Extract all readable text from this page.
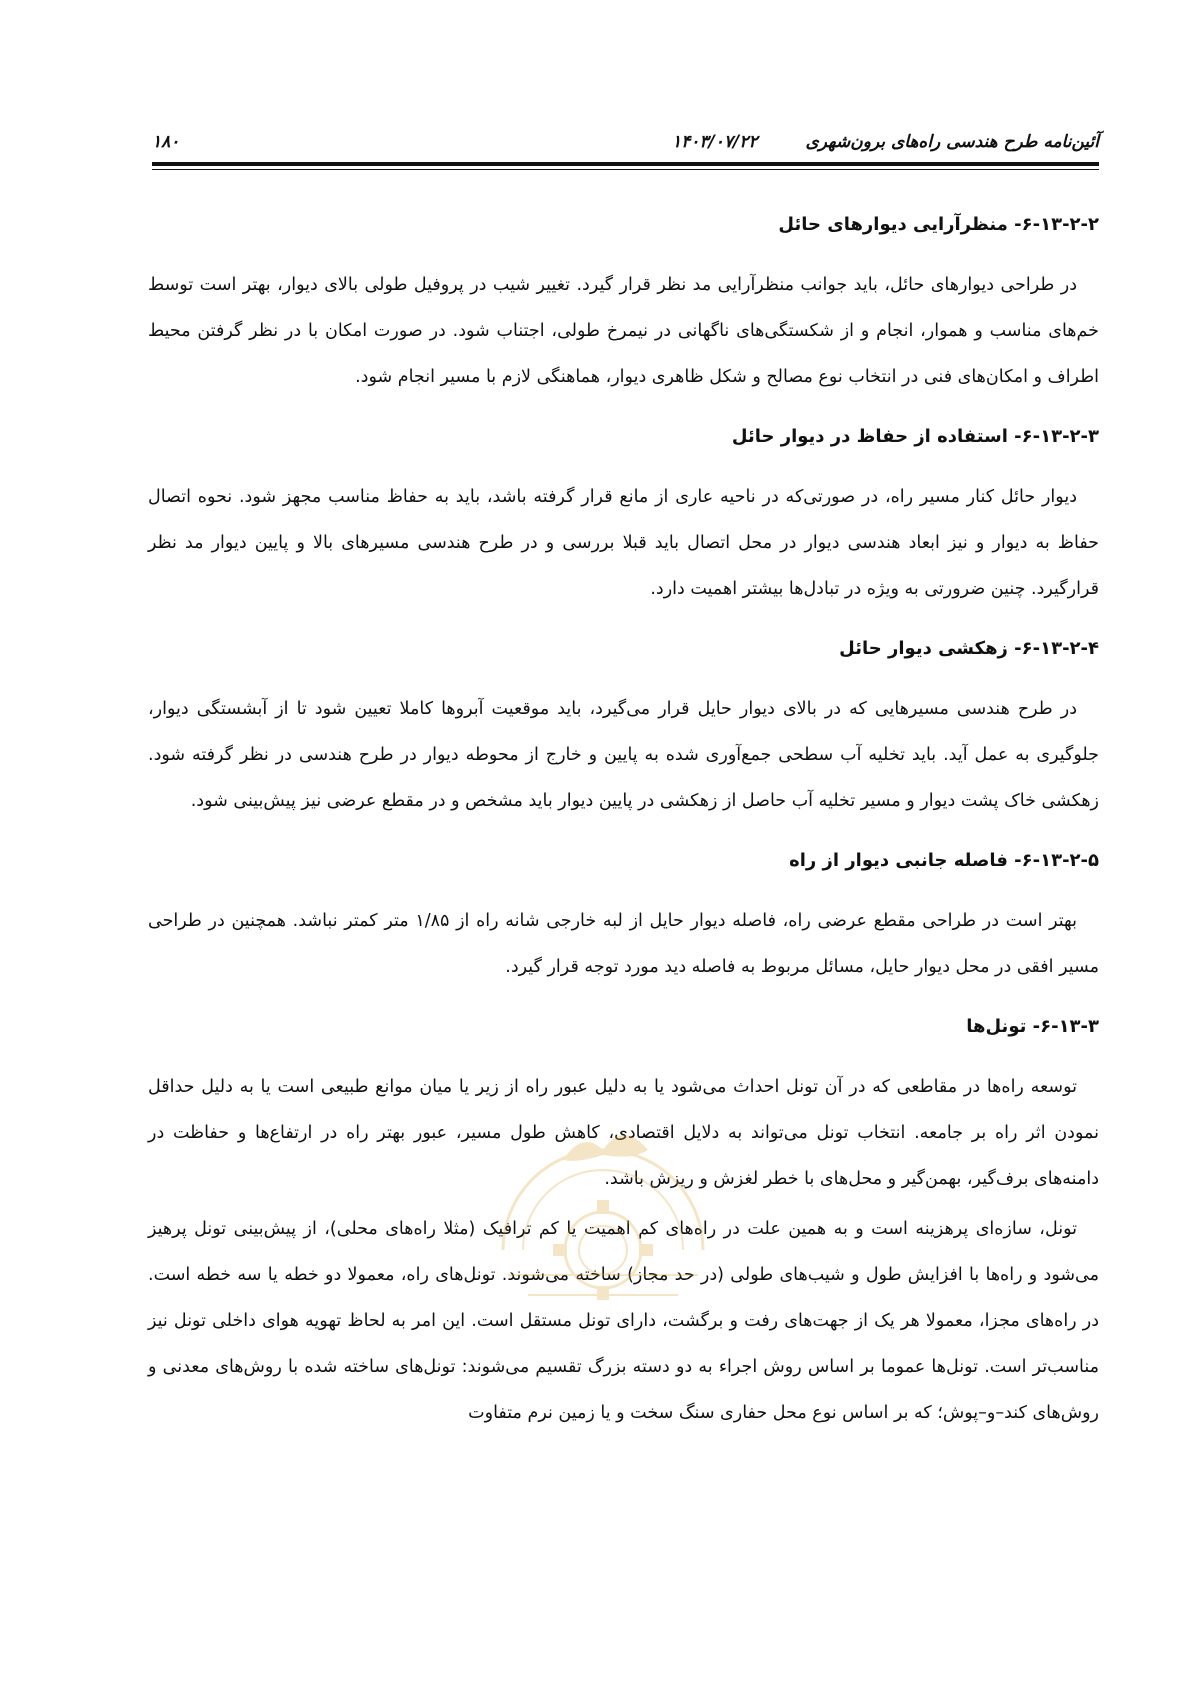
۱۸۰	۱۴۰۳/۰۷/۲۲	آئین‌نامه طرح هندسی راه‌های برون‌شهری
۶-۱۳-۲-۲- منظرآرایی دیوارهای حائل

در طراحی دیوارهای حائل، باید جوانب منظرآرایی مد نظر قرار گیرد. تغییر شیب در پروفیل طولی بالای دیوار، بهتر است توسط خم‌های مناسب و هموار، انجام و از شکستگی‌های ناگهانی در نیمرخ طولی، اجتناب شود. در صورت امکان با در نظر گرفتن محیط اطراف و امکان‌های فنی در انتخاب نوع مصالح و شکل ظاهری دیوار، هماهنگی لازم با مسیر انجام شود.

۶-۱۳-۲-۳- استفاده از حفاظ در دیوار حائل

دیوار حائل کنار مسیر راه، در صورتی‌که در ناحیه عاری از مانع قرار گرفته باشد، باید به حفاظ مناسب مجهز شود. نحوه اتصال حفاظ به دیوار و نیز ابعاد هندسی دیوار در محل اتصال باید قبلا بررسی و در طرح هندسی مسیرهای بالا و پایین دیوار مد نظر قرارگیرد. چنین ضرورتی به ویژه در تبادل‌ها بیشتر اهمیت دارد.

۶-۱۳-۲-۴- زهکشی دیوار حائل

در طرح هندسی مسیرهایی که در بالای دیوار حایل قرار می‌گیرد، باید موقعیت آبروها کاملا تعیین شود تا از آبشستگی دیوار، جلوگیری به عمل آید. باید تخلیه آب سطحی جمع‌آوری شده به پایین و خارج از محوطه دیوار در طرح هندسی در نظر گرفته شود. زهکشی خاک پشت دیوار و مسیر تخلیه آب حاصل از زهکشی در پایین دیوار باید مشخص و در مقطع عرضی نیز پیش‌بینی شود.

۶-۱۳-۲-۵- فاصله جانبی دیوار از راه

بهتر است در طراحی مقطع عرضی راه، فاصله دیوار حایل از لبه خارجی شانه راه از ۱/۸۵ متر کمتر نباشد. همچنین در طراحی مسیر افقی در محل دیوار حایل، مسائل مربوط به فاصله دید مورد توجه قرار گیرد.

۶-۱۳-۳- تونل‌ها

توسعه راه‌ها در مقاطعی که در آن تونل احداث می‌شود یا به دلیل عبور راه از زیر یا میان موانع طبیعی است یا به دلیل حداقل نمودن اثر راه بر جامعه. انتخاب تونل می‌تواند به دلایل اقتصادی، کاهش طول مسیر، عبور بهتر راه در ارتفاع‌ها و حفاظت در دامنه‌های برف‌گیر، بهمن‌گیر و محل‌های با خطر لغزش و ریزش باشد.

تونل، سازه‌ای پرهزینه است و به همین علت در راه‌های کم اهمیت یا کم ترافیک (مثلا راه‌های محلی)، از پیش‌بینی تونل پرهیز می‌شود و راه‌ها با افزایش طول و شیب‌های طولی (در حد مجاز) ساخته می‌شوند. تونل‌های راه، معمولا دو خطه یا سه خطه است. در راه‌های مجزا، معمولا هر یک از جهت‌های رفت و برگشت، دارای تونل مستقل است. این امر به لحاظ تهویه هوای داخلی تونل نیز مناسب‌تر است. تونل‌ها عموما بر اساس روش اجراء به دو دسته بزرگ تقسیم می‌شوند: تونل‌های ساخته شده با روش‌های معدنی و روش‌های کند–و–پوش؛ که بر اساس نوع محل حفاری سنگ سخت و یا زمین نرم متفاوت
